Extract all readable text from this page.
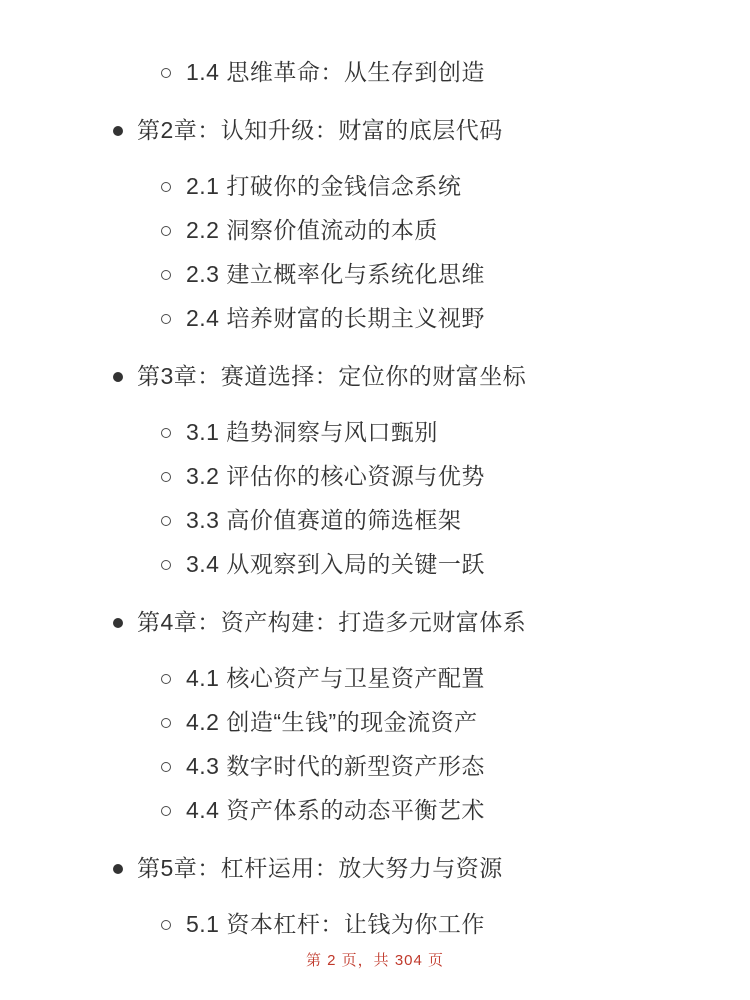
1.4 思维革命：从生存到创造
第2章：认知升级：财富的底层代码
2.1 打破你的金钱信念系统
2.2 洞察价值流动的本质
2.3 建立概率化与系统化思维
2.4 培养财富的长期主义视野
第3章：赛道选择：定位你的财富坐标
3.1 趋势洞察与风口甄别
3.2 评估你的核心资源与优势
3.3 高价值赛道的筛选框架
3.4 从观察到入局的关键一跃
第4章：资产构建：打造多元财富体系
4.1 核心资产与卫星资产配置
4.2 创造“生钱”的现金流资产
4.3 数字时代的新型资产形态
4.4 资产体系的动态平衡艺术
第5章：杠杆运用：放大努力与资源
5.1 资本杠杆：让钱为你工作
第 2 页，共 304 页
